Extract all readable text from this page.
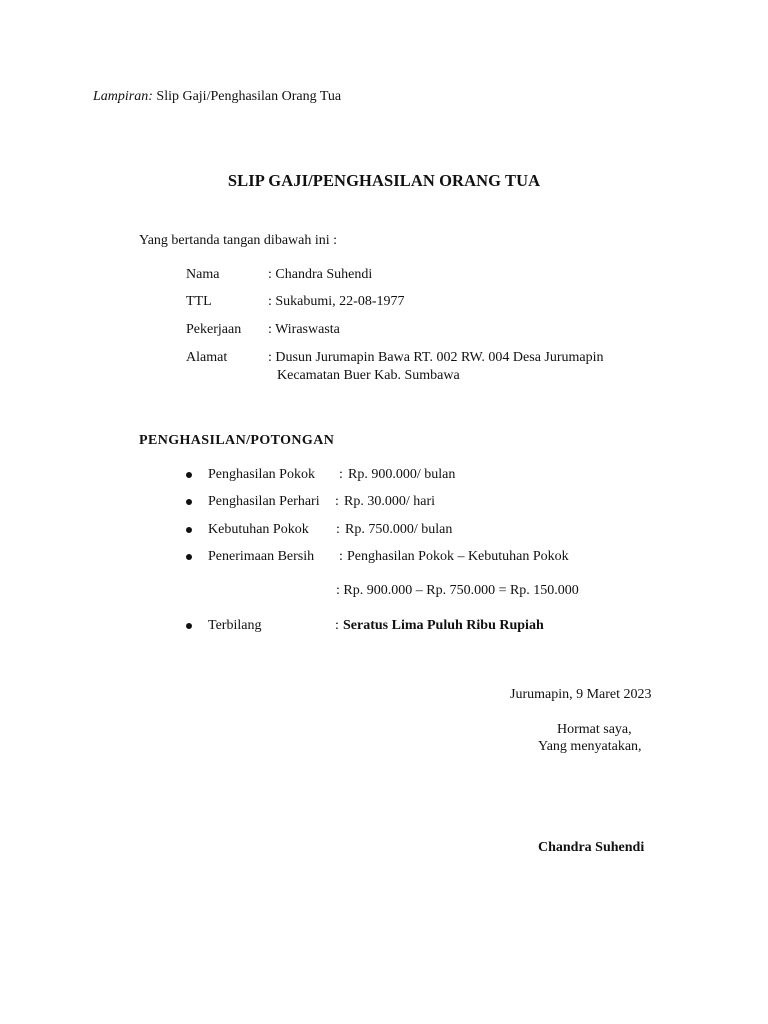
Lampiran: Slip Gaji/Penghasilan Orang Tua
SLIP GAJI/PENGHASILAN ORANG TUA
Yang bertanda tangan dibawah ini :
Nama	: Chandra Suhendi
TTL	: Sukabumi, 22-08-1977
Pekerjaan : Wiraswasta
Alamat	: Dusun Jurumapin Bawa RT. 002 RW. 004 Desa Jurumapin
Kecamatan Buer Kab. Sumbawa
PENGHASILAN/POTONGAN
Penghasilan Pokok : Rp. 900.000/ bulan
Penghasilan Perhari : Rp. 30.000/ hari
Kebutuhan Pokok : Rp. 750.000/ bulan
Penerimaan Bersih : Penghasilan Pokok – Kebutuhan Pokok
: Rp. 900.000 – Rp. 750.000 = Rp. 150.000
Terbilang	: Seratus Lima Puluh Ribu Rupiah
Jurumapin, 9 Maret 2023
Hormat saya,
Yang menyatakan,
Chandra Suhendi
